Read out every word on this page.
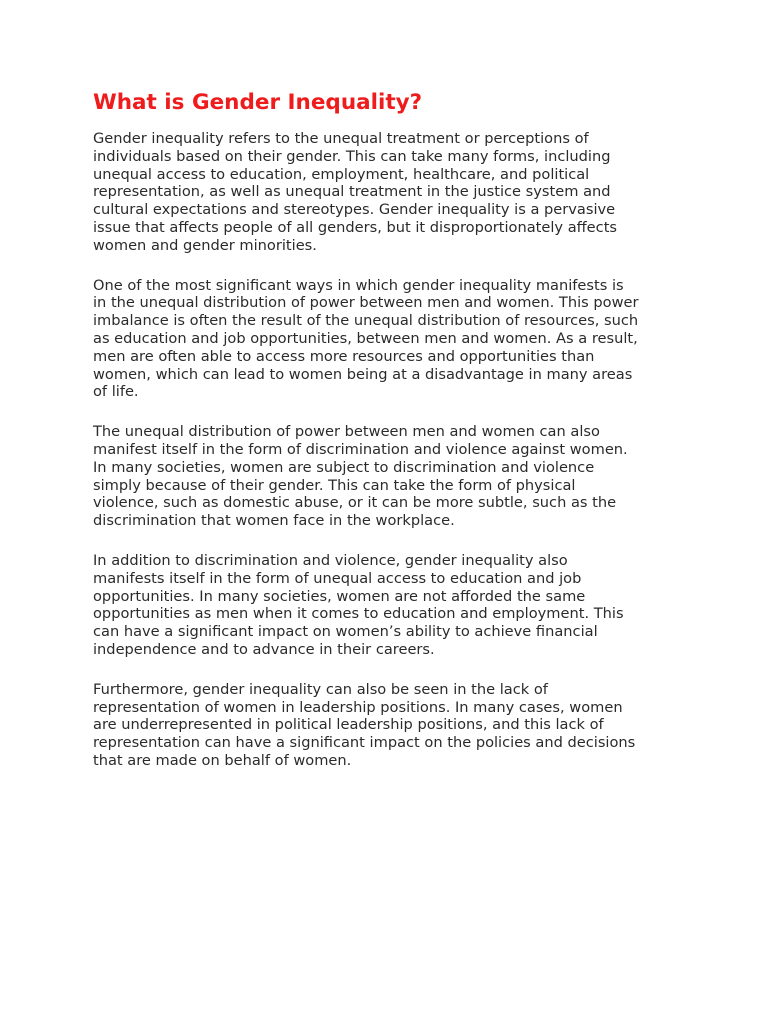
What is Gender Inequality?

Gender inequality refers to the unequal treatment or perceptions of
individuals based on their gender. This can take many forms, including
unequal access to education, employment, healthcare, and political
representation, as well as unequal treatment in the justice system and
cultural expectations and stereotypes. Gender inequality is a pervasive
issue that affects people of all genders, but it disproportionately affects
women and gender minorities.

One of the most significant ways in which gender inequality manifests is
in the unequal distribution of power between men and women. This power
imbalance is often the result of the unequal distribution of resources, such
as education and job opportunities, between men and women. As a result,
men are often able to access more resources and opportunities than
women, which can lead to women being at a disadvantage in many areas
of life.

The unequal distribution of power between men and women can also
manifest itself in the form of discrimination and violence against women.
In many societies, women are subject to discrimination and violence
simply because of their gender. This can take the form of physical
violence, such as domestic abuse, or it can be more subtle, such as the
discrimination that women face in the workplace.

In addition to discrimination and violence, gender inequality also
manifests itself in the form of unequal access to education and job
opportunities. In many societies, women are not afforded the same
opportunities as men when it comes to education and employment. This
can have a significant impact on women’s ability to achieve financial
independence and to advance in their careers.

Furthermore, gender inequality can also be seen in the lack of
representation of women in leadership positions. In many cases, women
are underrepresented in political leadership positions, and this lack of
representation can have a significant impact on the policies and decisions
that are made on behalf of women.
